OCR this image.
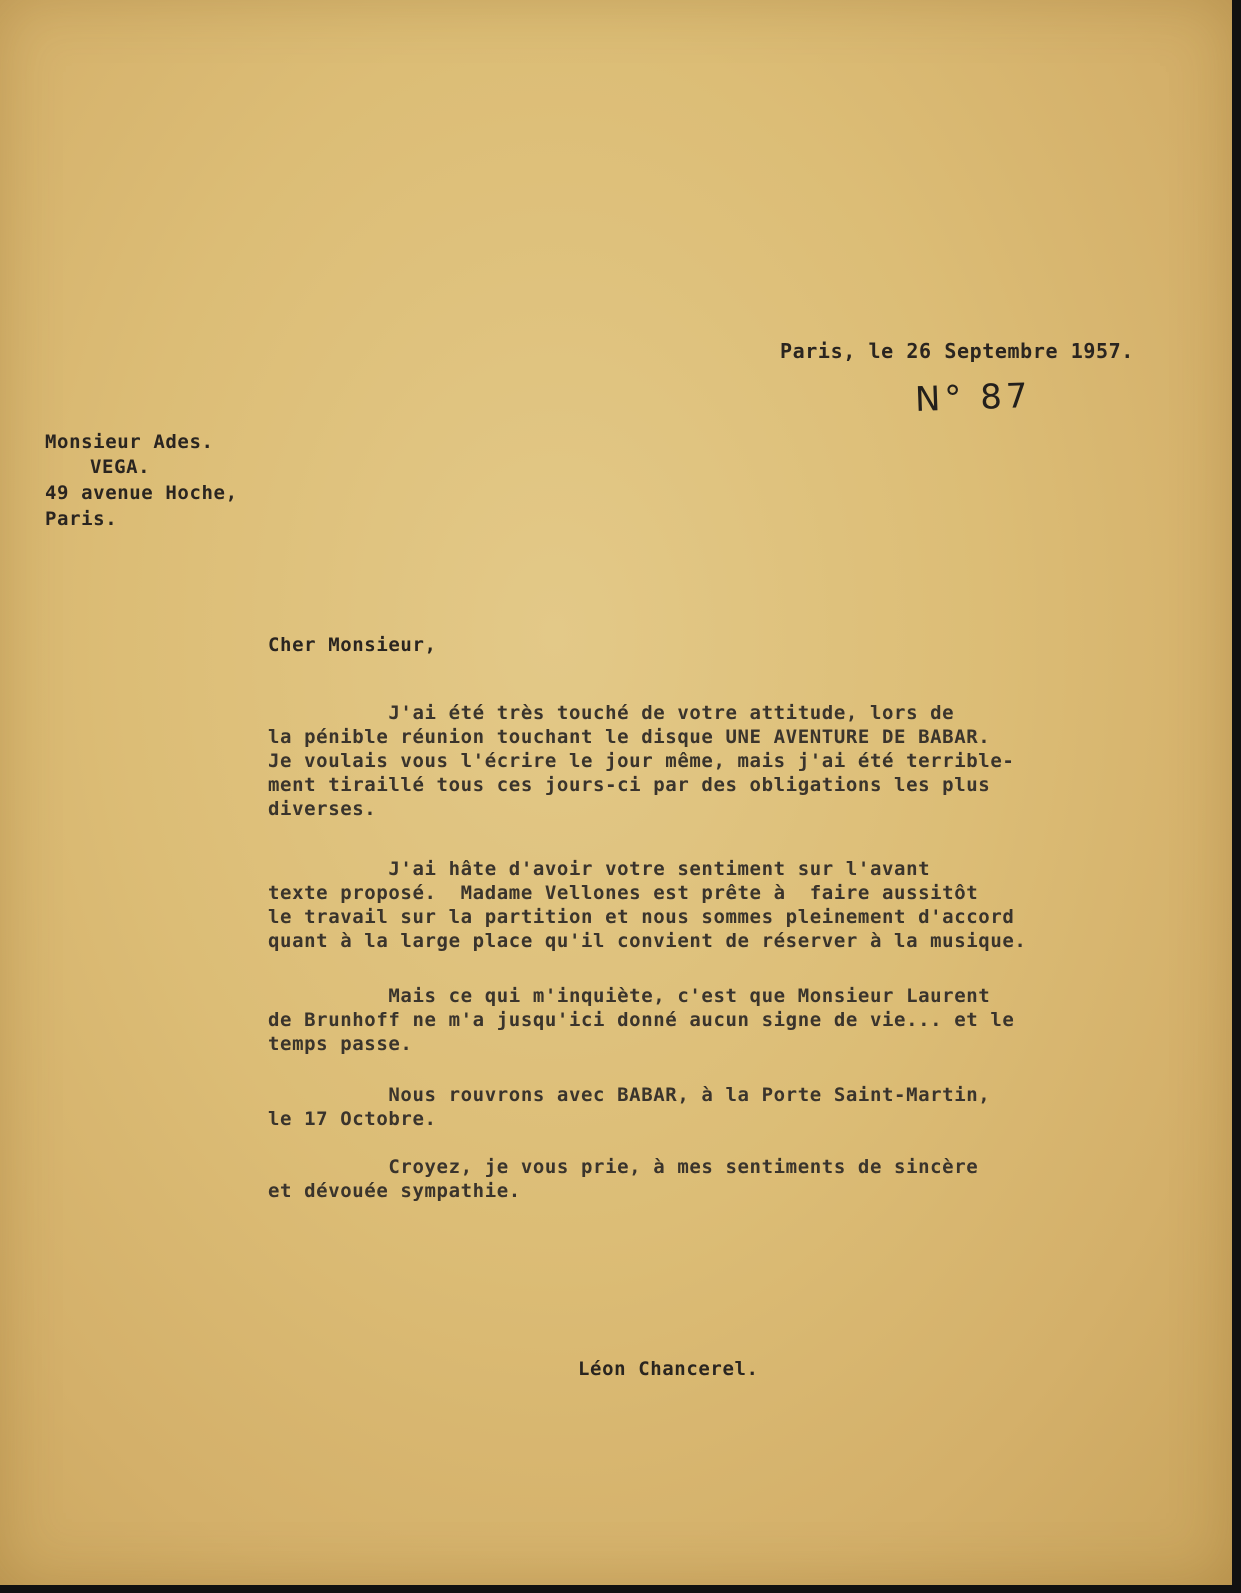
Paris, le 26 Septembre 1957.
N° 87
Monsieur Ades.
VEGA.
49 avenue Hoche,
Paris.
Cher Monsieur,
J'ai été très touché de votre attitude, lors de
la pénible réunion touchant le disque UNE AVENTURE DE BABAR.
Je voulais vous l'écrire le jour même, mais j'ai été terrible-
ment tiraillé tous ces jours-ci par des obligations les plus
diverses.
J'ai hâte d'avoir votre sentiment sur l'avant
texte proposé.  Madame Vellones est prête à  faire aussitôt
le travail sur la partition et nous sommes pleinement d'accord
quant à la large place qu'il convient de réserver à la musique.
Mais ce qui m'inquiète, c'est que Monsieur Laurent
de Brunhoff ne m'a jusqu'ici donné aucun signe de vie... et le
temps passe.
Nous rouvrons avec BABAR, à la Porte Saint-Martin,
le 17 Octobre.
Croyez, je vous prie, à mes sentiments de sincère
et dévouée sympathie.
Léon Chancerel.
